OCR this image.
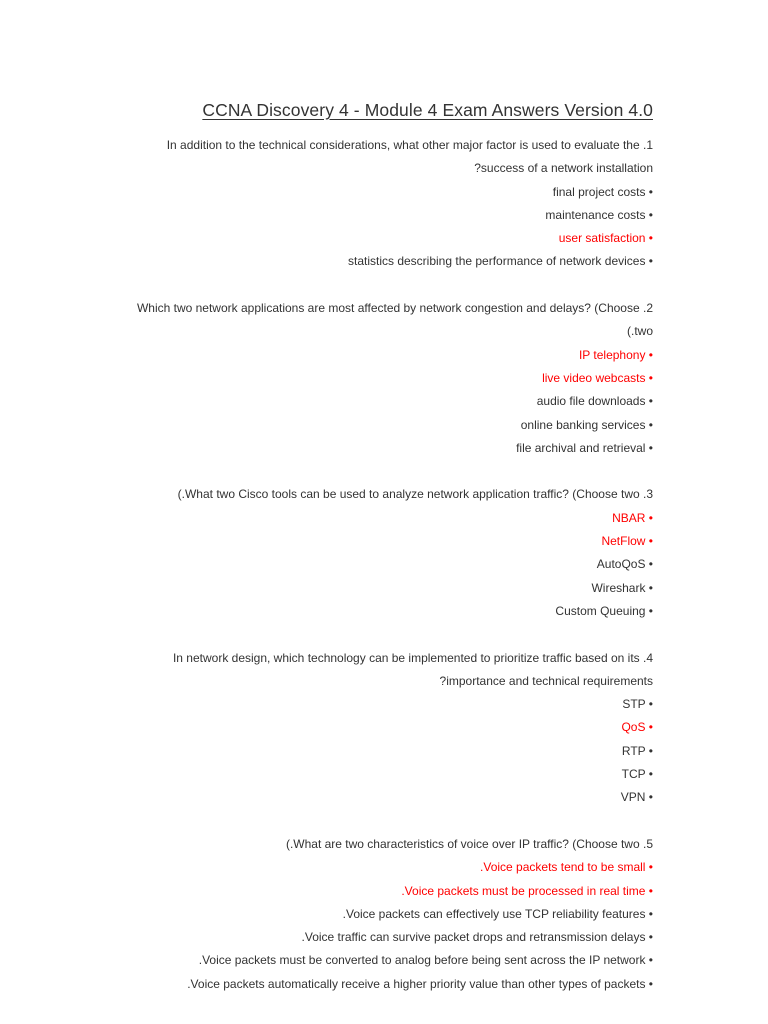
CCNA Discovery 4 - Module 4 Exam Answers Version 4.0
In addition to the technical considerations, what other major factor is used to evaluate the .1
?success of a network installation
final project costs •
maintenance costs •
user satisfaction •
statistics describing the performance of network devices •
Which two network applications are most affected by network congestion and delays? (Choose .2
(.two
IP telephony •
live video webcasts •
audio file downloads •
online banking services •
file archival and retrieval •
(.What two Cisco tools can be used to analyze network application traffic? (Choose two .3
NBAR •
NetFlow •
AutoQoS •
Wireshark •
Custom Queuing •
In network design, which technology can be implemented to prioritize traffic based on its .4
?importance and technical requirements
STP •
QoS •
RTP •
TCP •
VPN •
(.What are two characteristics of voice over IP traffic? (Choose two .5
.Voice packets tend to be small •
.Voice packets must be processed in real time •
.Voice packets can effectively use TCP reliability features •
.Voice traffic can survive packet drops and retransmission delays •
.Voice packets must be converted to analog before being sent across the IP network •
.Voice packets automatically receive a higher priority value than other types of packets •
